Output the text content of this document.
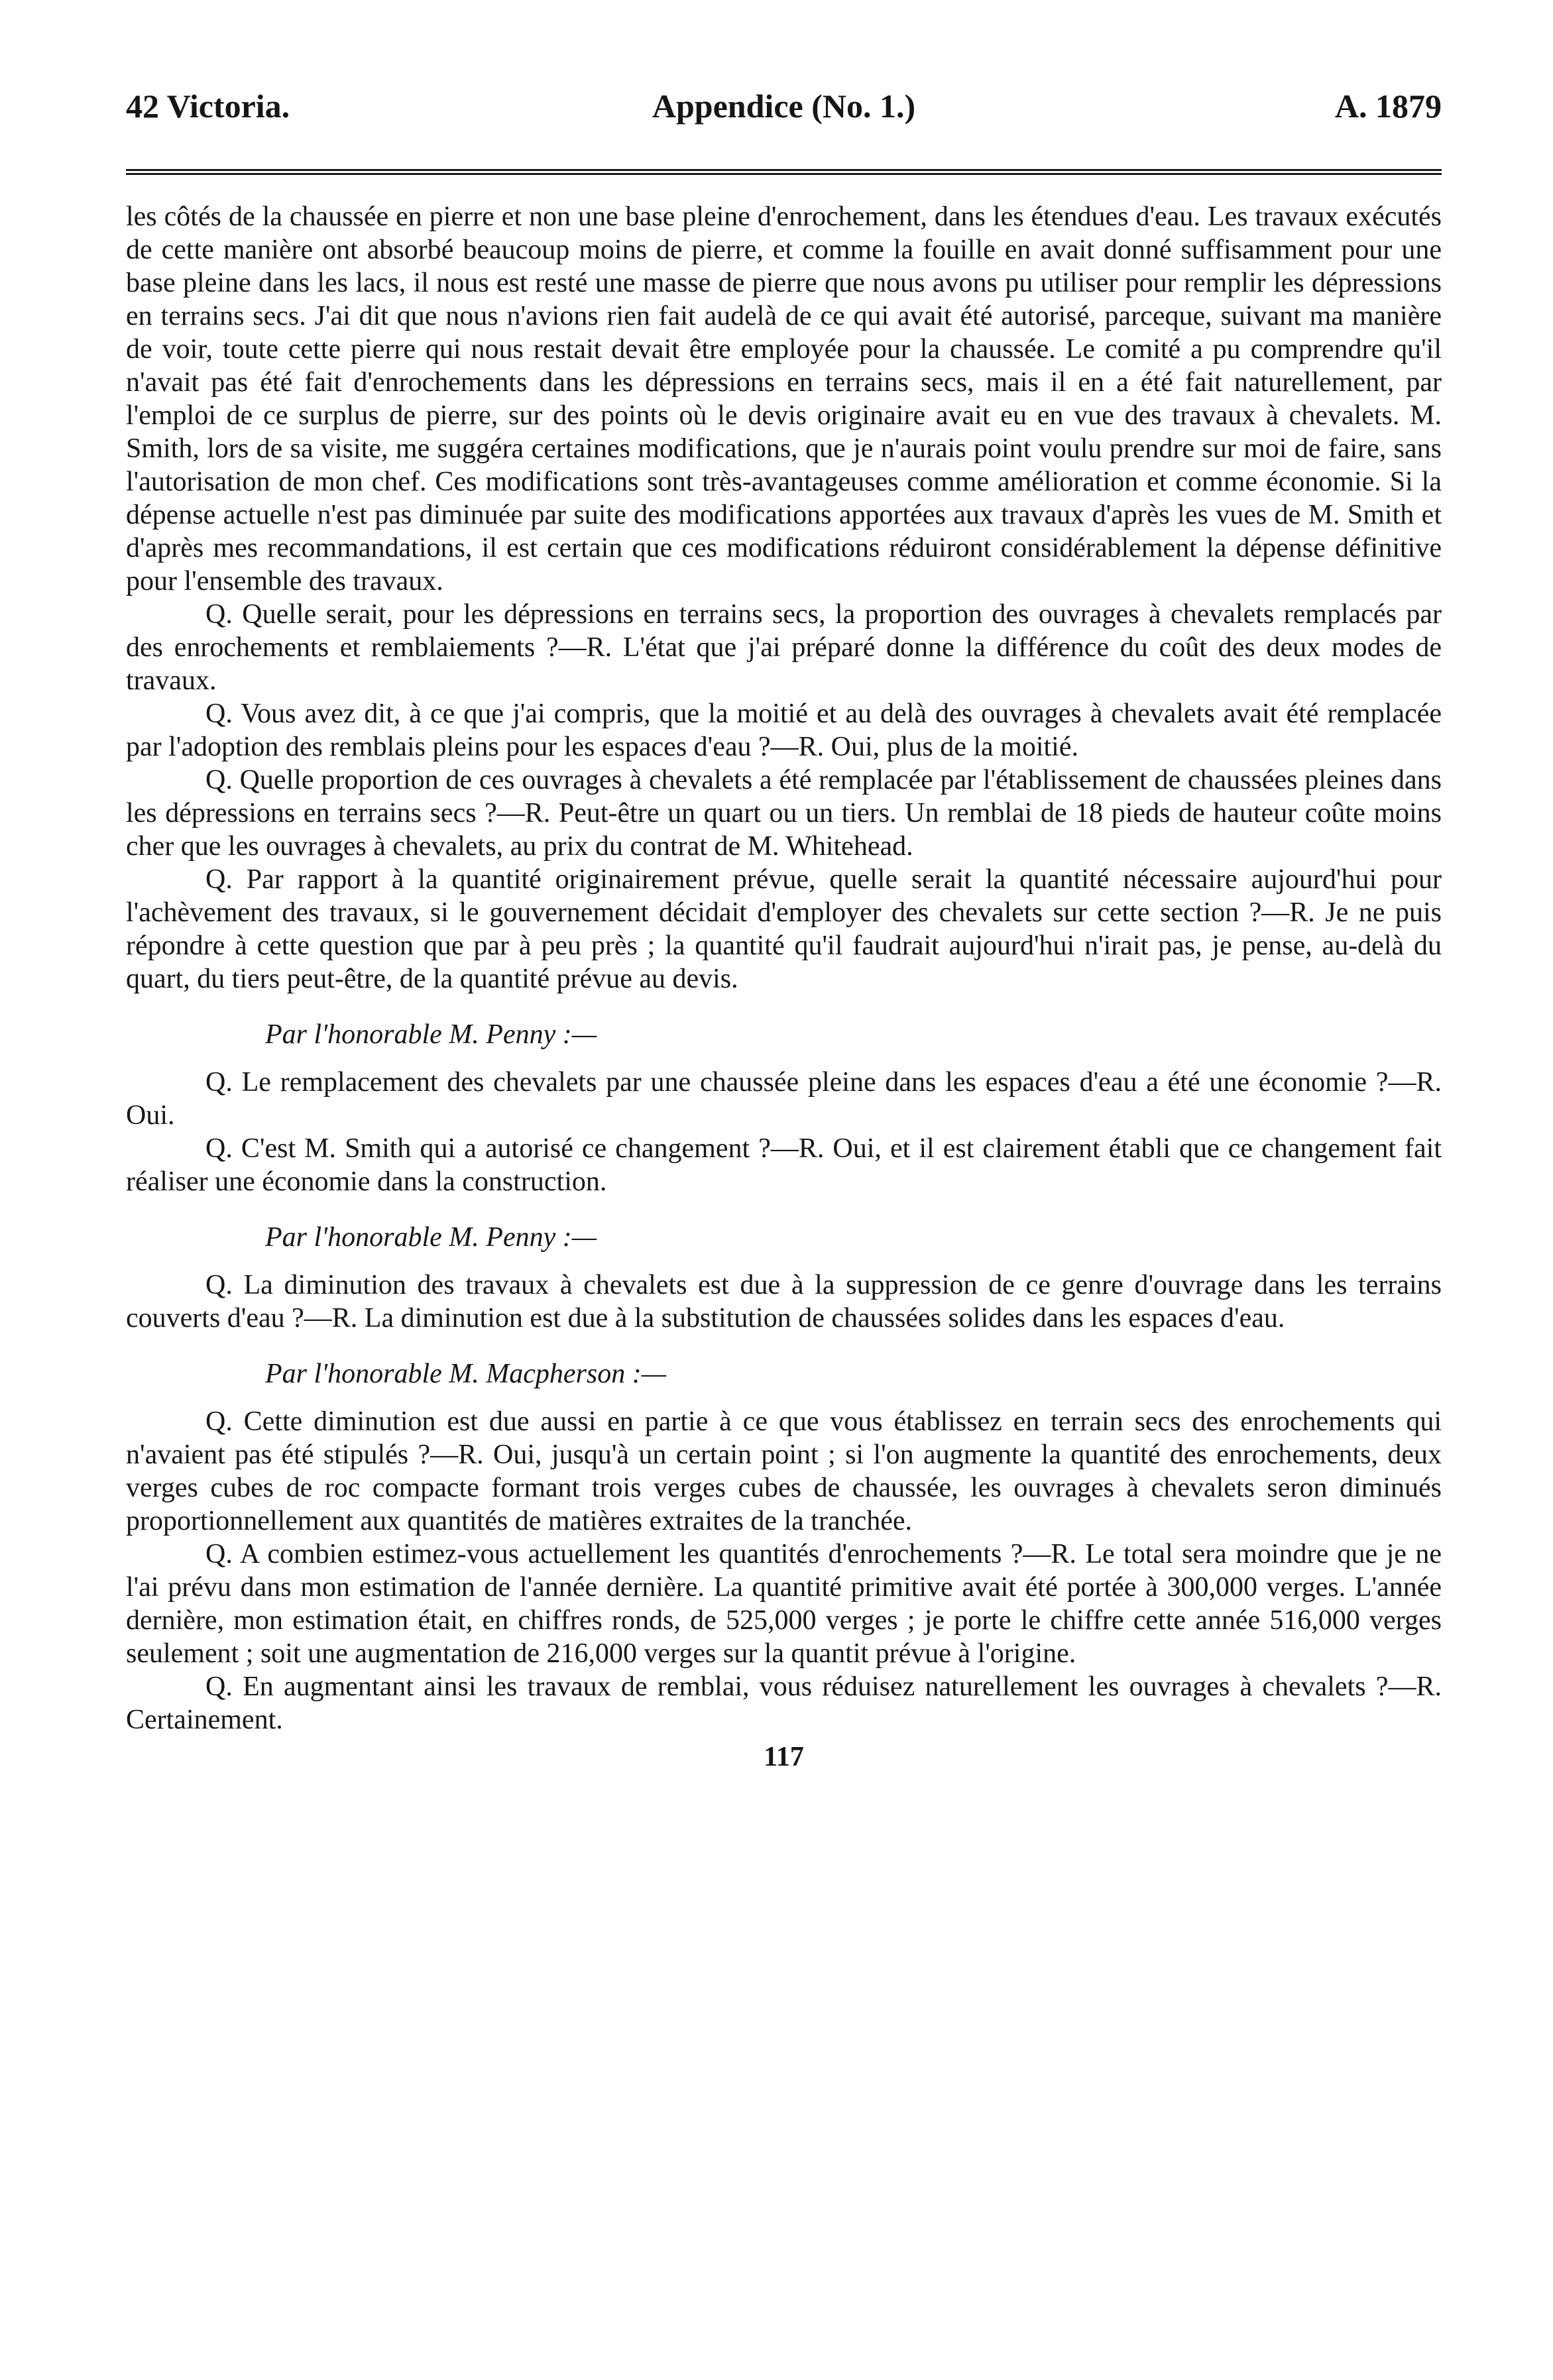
42 Victoria.	Appendice (No. 1.)	A. 1879

les côtés de la chaussée en pierre et non une base pleine d'enrochement, dans les étendues d'eau. Les travaux exécutés de cette manière ont absorbé beaucoup moins de pierre, et comme la fouille en avait donné suffisamment pour une base pleine dans les lacs, il nous est resté une masse de pierre que nous avons pu utiliser pour remplir les dépressions en terrains secs. J'ai dit que nous n'avions rien fait audelà de ce qui avait été autorisé, parceque, suivant ma manière de voir, toute cette pierre qui nous restait devait être employée pour la chaussée. Le comité a pu comprendre qu'il n'avait pas été fait d'enrochements dans les dépressions en terrains secs, mais il en a été fait naturellement, par l'emploi de ce surplus de pierre, sur des points où le devis originaire avait eu en vue des travaux à chevalets. M. Smith, lors de sa visite, me suggéra certaines modifications, que je n'aurais point voulu prendre sur moi de faire, sans l'autorisation de mon chef. Ces modifications sont très-avantageuses comme amélioration et comme économie. Si la dépense actuelle n'est pas diminuée par suite des modifications apportées aux travaux d'après les vues de M. Smith et d'après mes recommandations, il est certain que ces modifications réduiront considérablement la dépense définitive pour l'ensemble des travaux.

Q. Quelle serait, pour les dépressions en terrains secs, la proportion des ouvrages à chevalets remplacés par des enrochements et remblaiements ?—R. L'état que j'ai préparé donne la différence du coût des deux modes de travaux.

Q. Vous avez dit, à ce que j'ai compris, que la moitié et au delà des ouvrages à chevalets avait été remplacée par l'adoption des remblais pleins pour les espaces d'eau ?—R. Oui, plus de la moitié.

Q. Quelle proportion de ces ouvrages à chevalets a été remplacée par l'établissement de chaussées pleines dans les dépressions en terrains secs ?—R. Peut-être un quart ou un tiers. Un remblai de 18 pieds de hauteur coûte moins cher que les ouvrages à chevalets, au prix du contrat de M. Whitehead.

Q. Par rapport à la quantité originairement prévue, quelle serait la quantité nécessaire aujourd'hui pour l'achèvement des travaux, si le gouvernement décidait d'employer des chevalets sur cette section ?—R. Je ne puis répondre à cette question que par à peu près ; la quantité qu'il faudrait aujourd'hui n'irait pas, je pense, au-delà du quart, du tiers peut-être, de la quantité prévue au devis.

Par l'honorable M. Penny :—

Q. Le remplacement des chevalets par une chaussée pleine dans les espaces d'eau a été une économie ?—R. Oui.

Q. C'est M. Smith qui a autorisé ce changement ?—R. Oui, et il est clairement établi que ce changement fait réaliser une économie dans la construction.

Par l'honorable M. Penny :—

Q. La diminution des travaux à chevalets est due à la suppression de ce genre d'ouvrage dans les terrains couverts d'eau ?—R. La diminution est due à la substitution de chaussées solides dans les espaces d'eau.

Par l'honorable M. Macpherson :—

Q. Cette diminution est due aussi en partie à ce que vous établissez en terrain secs des enrochements qui n'avaient pas été stipulés ?—R. Oui, jusqu'à un certain point ; si l'on augmente la quantité des enrochements, deux verges cubes de roc compacte formant trois verges cubes de chaussée, les ouvrages à chevalets seron diminués proportionnellement aux quantités de matières extraites de la tranchée.

Q. A combien estimez-vous actuellement les quantités d'enrochements ?—R. Le total sera moindre que je ne l'ai prévu dans mon estimation de l'année dernière. La quantité primitive avait été portée à 300,000 verges. L'année dernière, mon estimation était, en chiffres ronds, de 525,000 verges ; je porte le chiffre cette année 516,000 verges seulement ; soit une augmentation de 216,000 verges sur la quantit prévue à l'origine.

Q. En augmentant ainsi les travaux de remblai, vous réduisez naturellement les ouvrages à chevalets ?—R. Certainement.

117
